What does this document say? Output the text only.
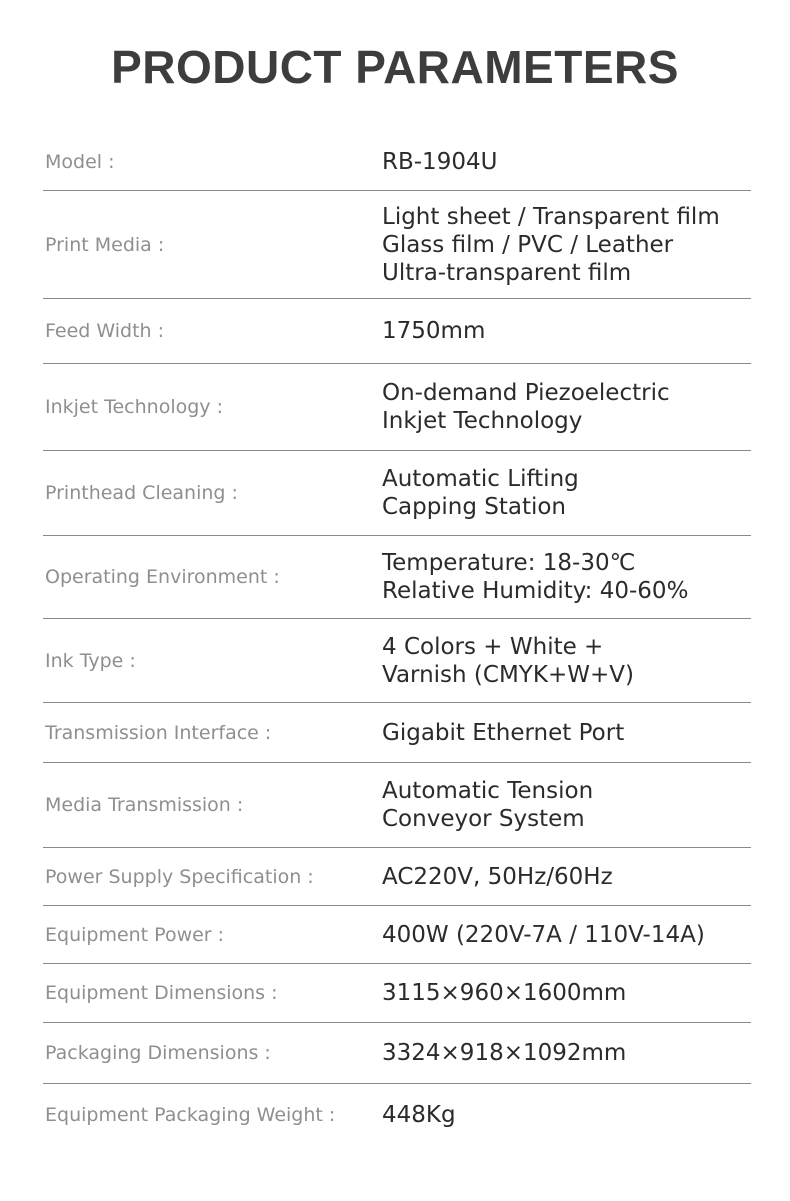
PRODUCT PARAMETERS
Model :	RB-1904U
Print Media :
Light sheet / Transparent film
Glass film / PVC / Leather
Ultra-transparent film
Feed Width :	1750mm
Inkjet Technology :
On-demand Piezoelectric
Inkjet Technology
Printhead Cleaning :
Automatic Lifting
Capping Station
Operating Environment :
Temperature: 18-30℃
Relative Humidity: 40-60%
Ink Type :
4 Colors + White +
Varnish (CMYK+W+V)
Transmission Interface :	Gigabit Ethernet Port
Media Transmission :
Automatic Tension
Conveyor System
Power Supply Specification :	AC220V, 50Hz/60Hz
Equipment Power :	400W (220V-7A / 110V-14A)
Equipment Dimensions :	3115×960×1600mm
Packaging Dimensions :	3324×918×1092mm
Equipment Packaging Weight :	448Kg
